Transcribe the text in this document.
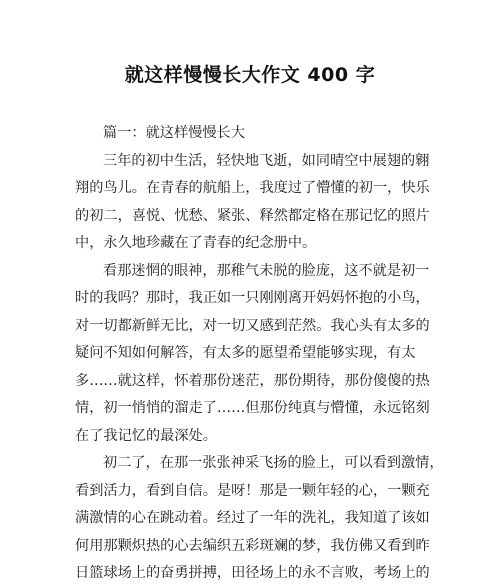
就这样慢慢长大作文 400 字
篇一：就这样慢慢长大
三年的初中生活，轻快地飞逝，如同晴空中展翅的翱
翔的鸟儿。在青春的航船上，我度过了懵懂的初一，快乐
的初二，喜悦、忧愁、紧张、释然都定格在那记忆的照片
中，永久地珍藏在了青春的纪念册中。
看那迷惘的眼神，那稚气未脱的脸庞，这不就是初一
时的我吗？那时，我正如一只刚刚离开妈妈怀抱的小鸟，
对一切都新鲜无比，对一切又感到茫然。我心头有太多的
疑问不知如何解答，有太多的愿望希望能够实现，有太
多……就这样，怀着那份迷茫，那份期待，那份傻傻的热
情，初一悄悄的溜走了……但那份纯真与懵懂，永远铭刻
在了我记忆的最深处。
初二了，在那一张张神采飞扬的脸上，可以看到激情，
看到活力，看到自信。是呀！那是一颗年轻的心，一颗充
满激情的心在跳动着。经过了一年的洗礼，我知道了该如
何用那颗炽热的心去编织五彩斑斓的梦，我仿佛又看到昨
日篮球场上的奋勇拼搏，田径场上的永不言败，考场上的
